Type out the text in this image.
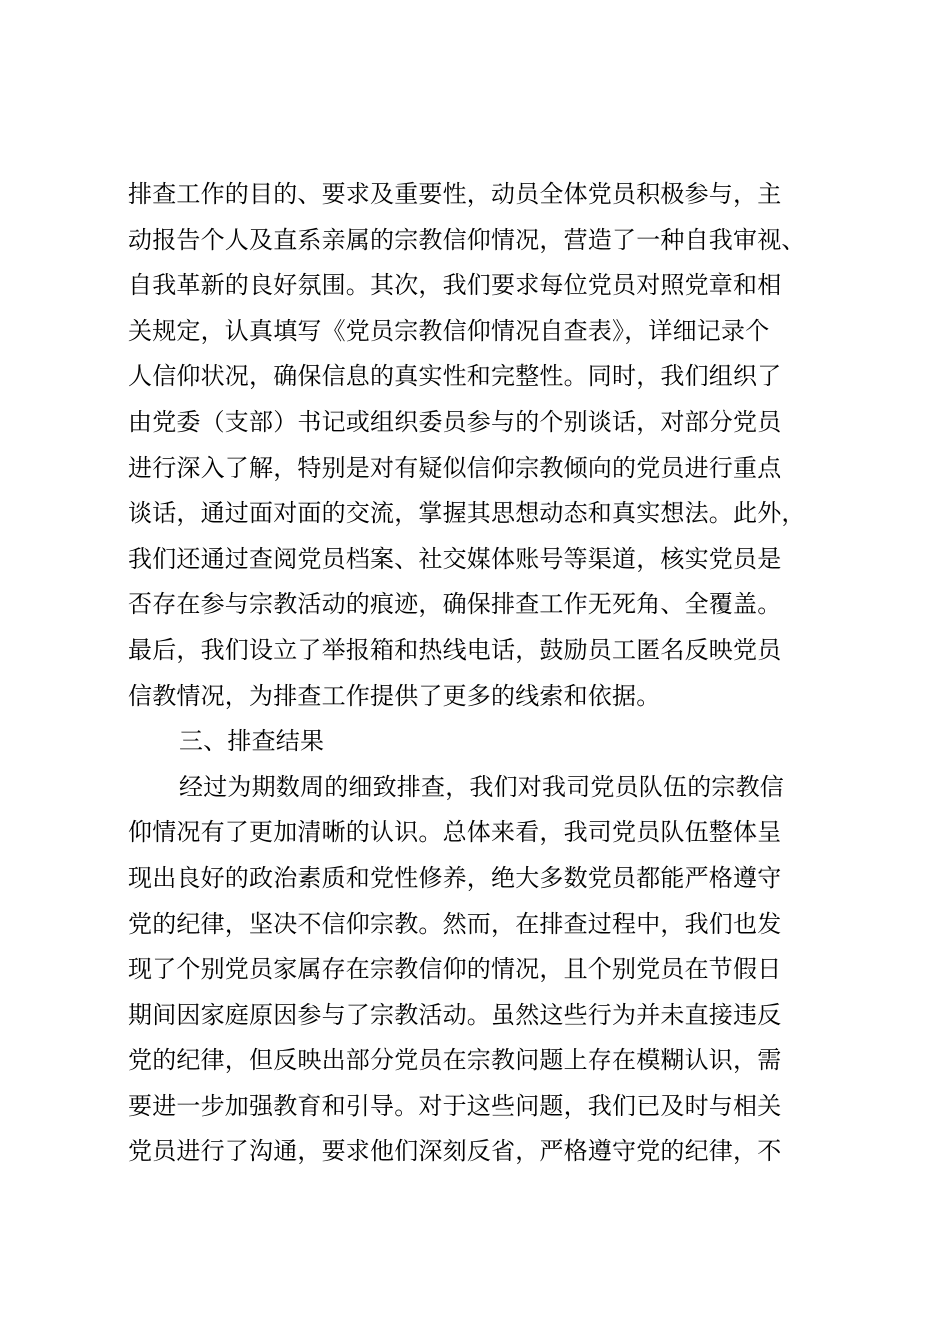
排查工作的目的、要求及重要性，动员全体党员积极参与，主
动报告个人及直系亲属的宗教信仰情况，营造了一种自我审视、
自我革新的良好氛围。其次，我们要求每位党员对照党章和相
关规定，认真填写《党员宗教信仰情况自查表》，详细记录个
人信仰状况，确保信息的真实性和完整性。同时，我们组织了
由党委（支部）书记或组织委员参与的个别谈话，对部分党员
进行深入了解，特别是对有疑似信仰宗教倾向的党员进行重点
谈话，通过面对面的交流，掌握其思想动态和真实想法。此外，
我们还通过查阅党员档案、社交媒体账号等渠道，核实党员是
否存在参与宗教活动的痕迹，确保排查工作无死角、全覆盖。
最后，我们设立了举报箱和热线电话，鼓励员工匿名反映党员
信教情况，为排查工作提供了更多的线索和依据。
三、排查结果
经过为期数周的细致排查，我们对我司党员队伍的宗教信
仰情况有了更加清晰的认识。总体来看，我司党员队伍整体呈
现出良好的政治素质和党性修养，绝大多数党员都能严格遵守
党的纪律，坚决不信仰宗教。然而，在排查过程中，我们也发
现了个别党员家属存在宗教信仰的情况，且个别党员在节假日
期间因家庭原因参与了宗教活动。虽然这些行为并未直接违反
党的纪律，但反映出部分党员在宗教问题上存在模糊认识，需
要进一步加强教育和引导。对于这些问题，我们已及时与相关
党员进行了沟通，要求他们深刻反省，严格遵守党的纪律，不
